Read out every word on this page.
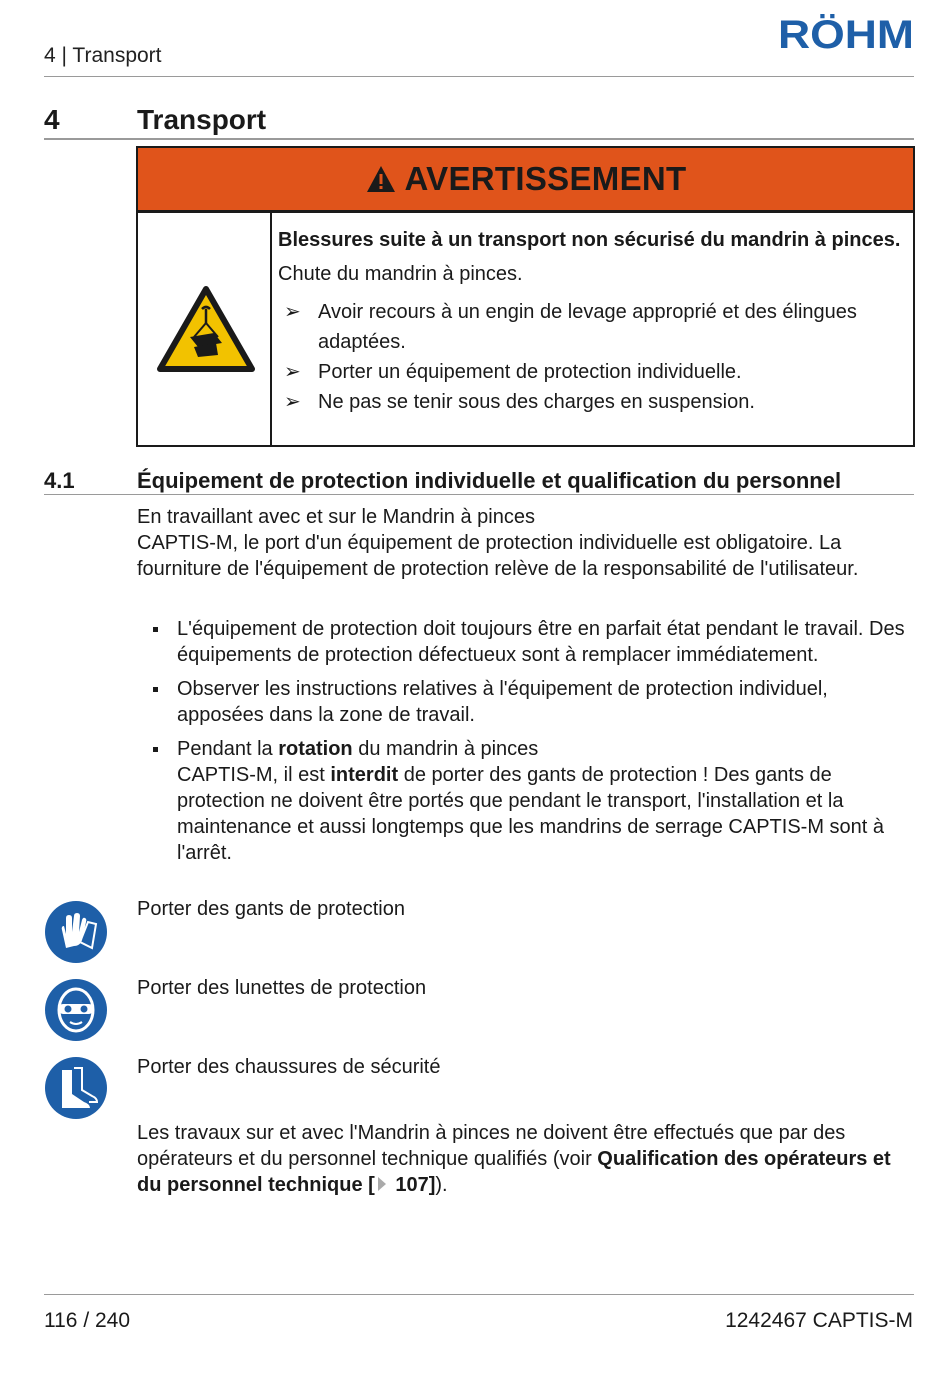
4 | Transport	RÖHM
4	Transport
AVERTISSEMENT

Blessures suite à un transport non sécurisé du mandrin à pinces.

Chute du mandrin à pinces.

➢ Avoir recours à un engin de levage approprié et des élingues adaptées.
➢ Porter un équipement de protection individuelle.
➢ Ne pas se tenir sous des charges en suspension.
4.1	Équipement de protection individuelle et qualification du personnel

En travaillant avec et sur le Mandrin à pinces
CAPTIS-M, le port d'un équipement de protection individuelle est obligatoire. La fourniture de l'équipement de protection relève de la responsabilité de l'utilisateur.

L'équipement de protection doit toujours être en parfait état pendant le travail. Des équipements de protection défectueux sont à remplacer immédiatement.
Observer les instructions relatives à l'équipement de protection individuel, apposées dans la zone de travail.
Pendant la rotation du mandrin à pinces
CAPTIS-M, il est interdit de porter des gants de protection ! Des gants de protection ne doivent être portés que pendant le transport, l'installation et la maintenance et aussi longtemps que les mandrins de serrage CAPTIS-M sont à l'arrêt.
Porter des gants de protection
Porter des lunettes de protection
Porter des chaussures de sécurité

Les travaux sur et avec l'Mandrin à pinces ne doivent être effectués que par des opérateurs et du personnel technique qualifiés (voir Qualification des opérateurs et du personnel technique [ 107]).

116 / 240	1242467 CAPTIS-M
